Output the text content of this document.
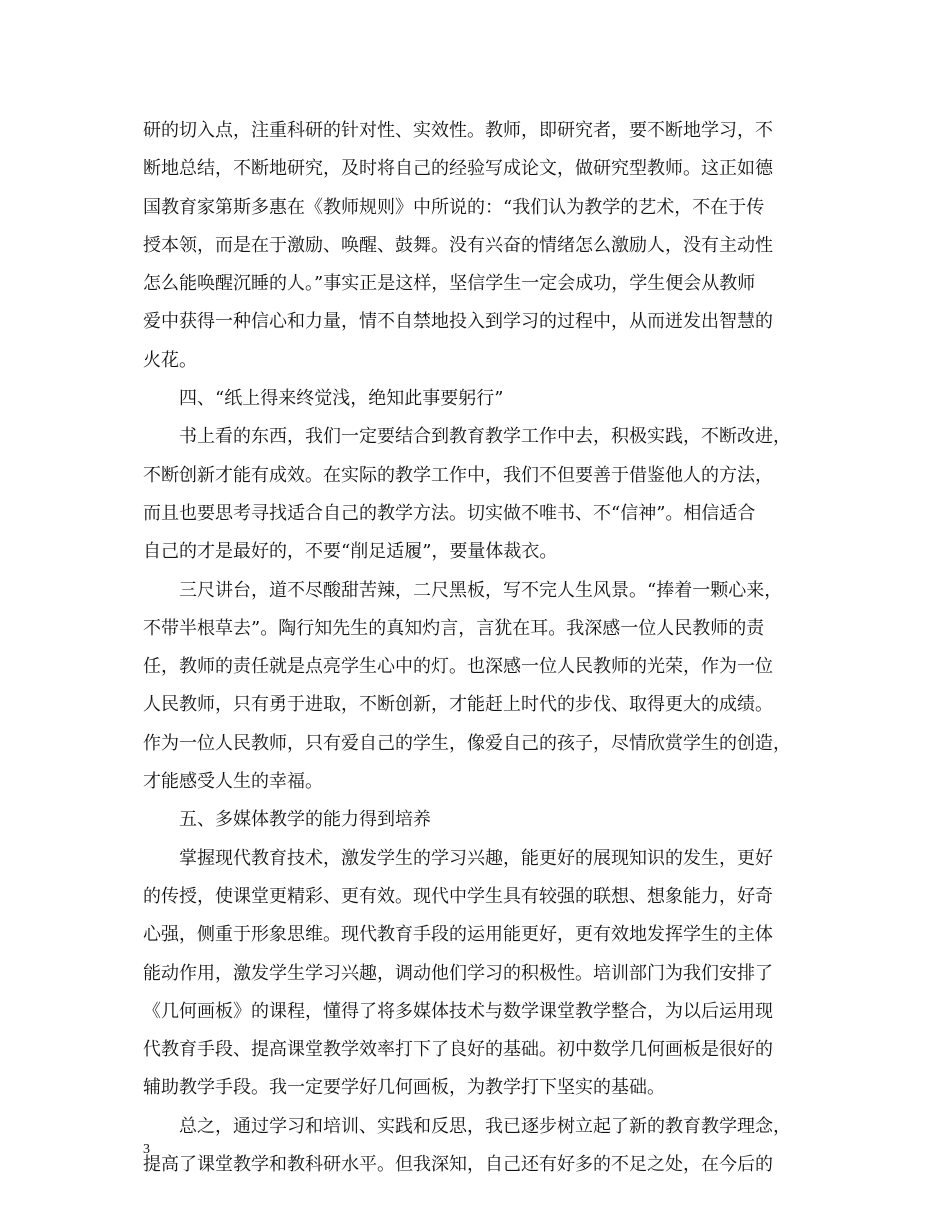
研的切入点，注重科研的针对性、实效性。教师，即研究者，要不断地学习，不
断地总结，不断地研究，及时将自己的经验写成论文，做研究型教师。这正如德
国教育家第斯多惠在《教师规则》中所说的：“我们认为教学的艺术，不在于传
授本领，而是在于激励、唤醒、鼓舞。没有兴奋的情绪怎么激励人，没有主动性
怎么能唤醒沉睡的人。”事实正是这样，坚信学生一定会成功，学生便会从教师
爱中获得一种信心和力量，情不自禁地投入到学习的过程中，从而迸发出智慧的
火花。
四、“纸上得来终觉浅，绝知此事要躬行”
书上看的东西，我们一定要结合到教育教学工作中去，积极实践，不断改进，
不断创新才能有成效。在实际的教学工作中，我们不但要善于借鉴他人的方法，
而且也要思考寻找适合自己的教学方法。切实做不唯书、不“信神”。相信适合
自己的才是最好的，不要“削足适履”，要量体裁衣。
三尺讲台，道不尽酸甜苦辣，二尺黑板，写不完人生风景。“捧着一颗心来，
不带半根草去”。陶行知先生的真知灼言，言犹在耳。我深感一位人民教师的责
任，教师的责任就是点亮学生心中的灯。也深感一位人民教师的光荣，作为一位
人民教师，只有勇于进取，不断创新，才能赶上时代的步伐、取得更大的成绩。
作为一位人民教师，只有爱自己的学生，像爱自己的孩子，尽情欣赏学生的创造，
才能感受人生的幸福。
五、多媒体教学的能力得到培养
掌握现代教育技术，激发学生的学习兴趣，能更好的展现知识的发生，更好
的传授，使课堂更精彩、更有效。现代中学生具有较强的联想、想象能力，好奇
心强，侧重于形象思维。现代教育手段的运用能更好，更有效地发挥学生的主体
能动作用，激发学生学习兴趣，调动他们学习的积极性。培训部门为我们安排了
《几何画板》的课程，懂得了将多媒体技术与数学课堂教学整合，为以后运用现
代教育手段、提高课堂教学效率打下了良好的基础。初中数学几何画板是很好的
辅助教学手段。我一定要学好几何画板，为教学打下坚实的基础。
总之，通过学习和培训、实践和反思，我已逐步树立起了新的教育教学理念，
提高了课堂教学和教科研水平。但我深知，自己还有好多的不足之处，在今后的
3
